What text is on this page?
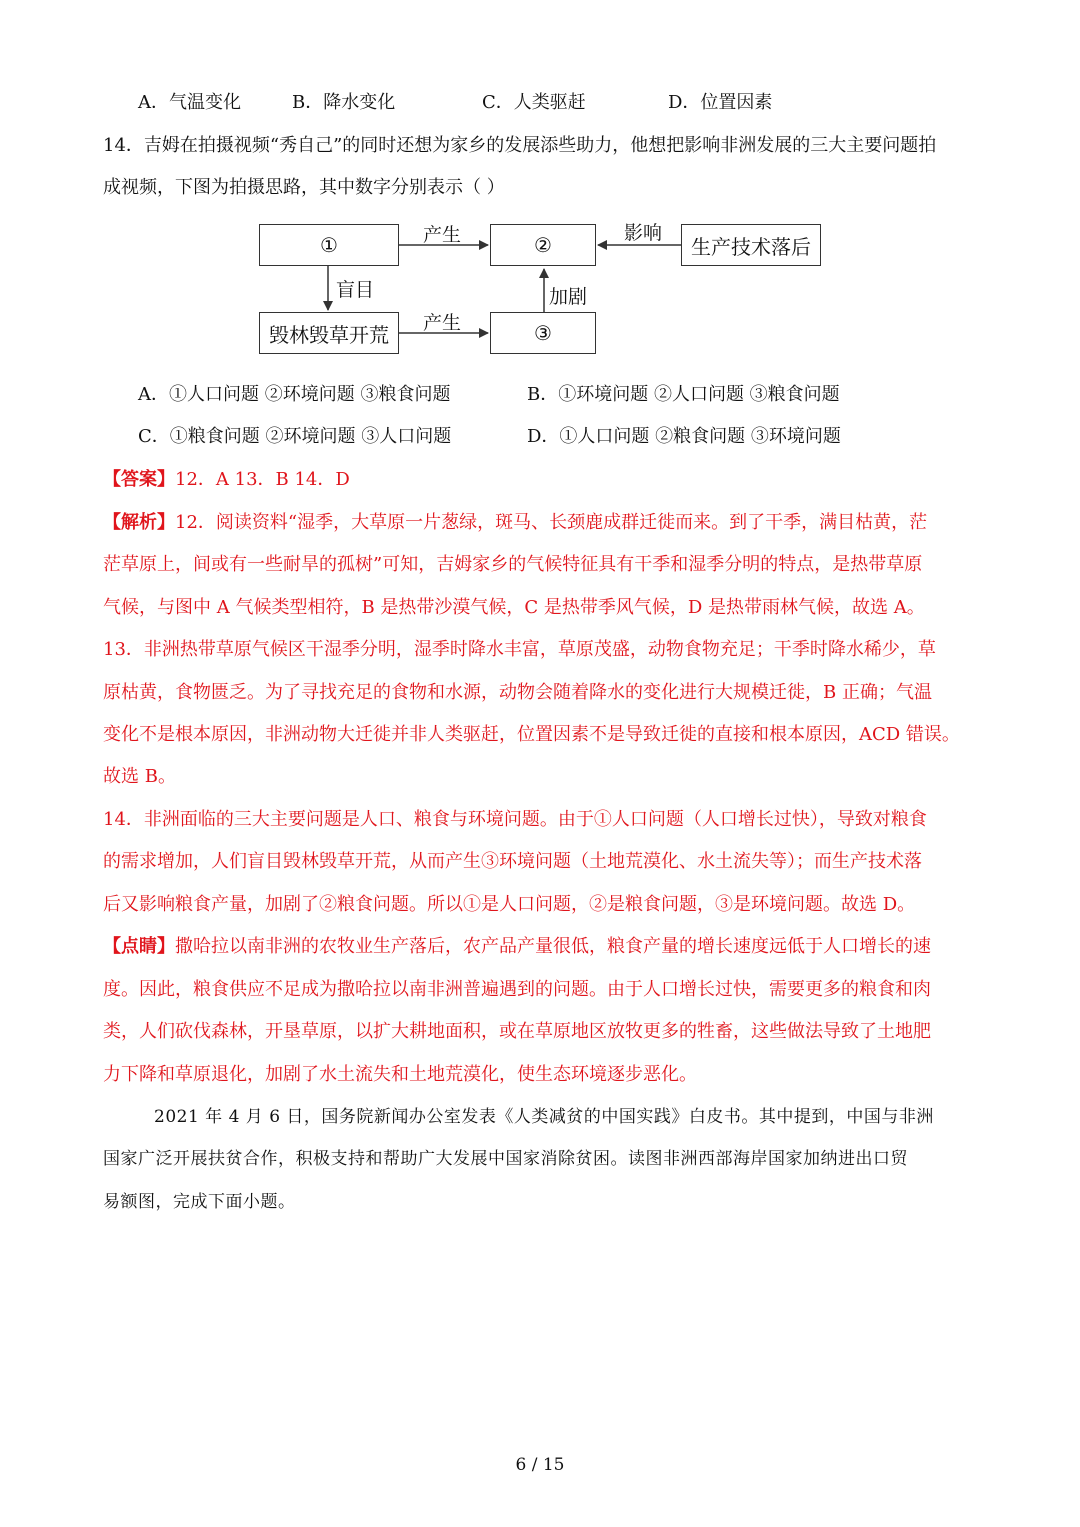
A．气温变化	B．降水变化	C．人类驱赶	D．位置因素
14．吉姆在拍摄视频“秀自己”的同时还想为家乡的发展添些助力，他想把影响非洲发展的三大主要问题拍
成视频，下图为拍摄思路，其中数字分别表示（ ）
①	②	生产技术落后
毁林毁草开荒	③
产生	影响
盲目
产生
加剧
A．①人口问题 ②环境问题 ③粮食问题	B．①环境问题 ②人口问题 ③粮食问题
C．①粮食问题 ②环境问题 ③人口问题	D．①人口问题 ②粮食问题 ③环境问题
【答案】12．A 13．B 14．D
【解析】12．阅读资料“湿季，大草原一片葱绿，斑马、长颈鹿成群迁徙而来。到了干季，满目枯黄，茫
茫草原上，间或有一些耐旱的孤树”可知，吉姆家乡的气候特征具有干季和湿季分明的特点，是热带草原
气候，与图中 A 气候类型相符，B 是热带沙漠气候，C 是热带季风气候，D 是热带雨林气候，故选 A。
13．非洲热带草原气候区干湿季分明，湿季时降水丰富，草原茂盛，动物食物充足；干季时降水稀少，草
原枯黄，食物匮乏。为了寻找充足的食物和水源，动物会随着降水的变化进行大规模迁徙，B 正确；气温
变化不是根本原因，非洲动物大迁徙并非人类驱赶，位置因素不是导致迁徙的直接和根本原因，ACD 错误。
故选 B。
14．非洲面临的三大主要问题是人口、粮食与环境问题。由于①人口问题（人口增长过快），导致对粮食
的需求增加，人们盲目毁林毁草开荒，从而产生③环境问题（土地荒漠化、水土流失等）；而生产技术落
后又影响粮食产量，加剧了②粮食问题。所以①是人口问题，②是粮食问题，③是环境问题。故选 D。
【点睛】撒哈拉以南非洲的农牧业生产落后，农产品产量很低，粮食产量的增长速度远低于人口增长的速
度。因此，粮食供应不足成为撒哈拉以南非洲普遍遇到的问题。由于人口增长过快，需要更多的粮食和肉
类，人们砍伐森林，开垦草原，以扩大耕地面积，或在草原地区放牧更多的牲畜，这些做法导致了土地肥
力下降和草原退化，加剧了水土流失和土地荒漠化，使生态环境逐步恶化。
2021 年 4 月 6 日，国务院新闻办公室发表《人类减贫的中国实践》白皮书。其中提到，中国与非洲
国家广泛开展扶贫合作，积极支持和帮助广大发展中国家消除贫困。读图非洲西部海岸国家加纳进出口贸
易额图，完成下面小题。
6 / 15
